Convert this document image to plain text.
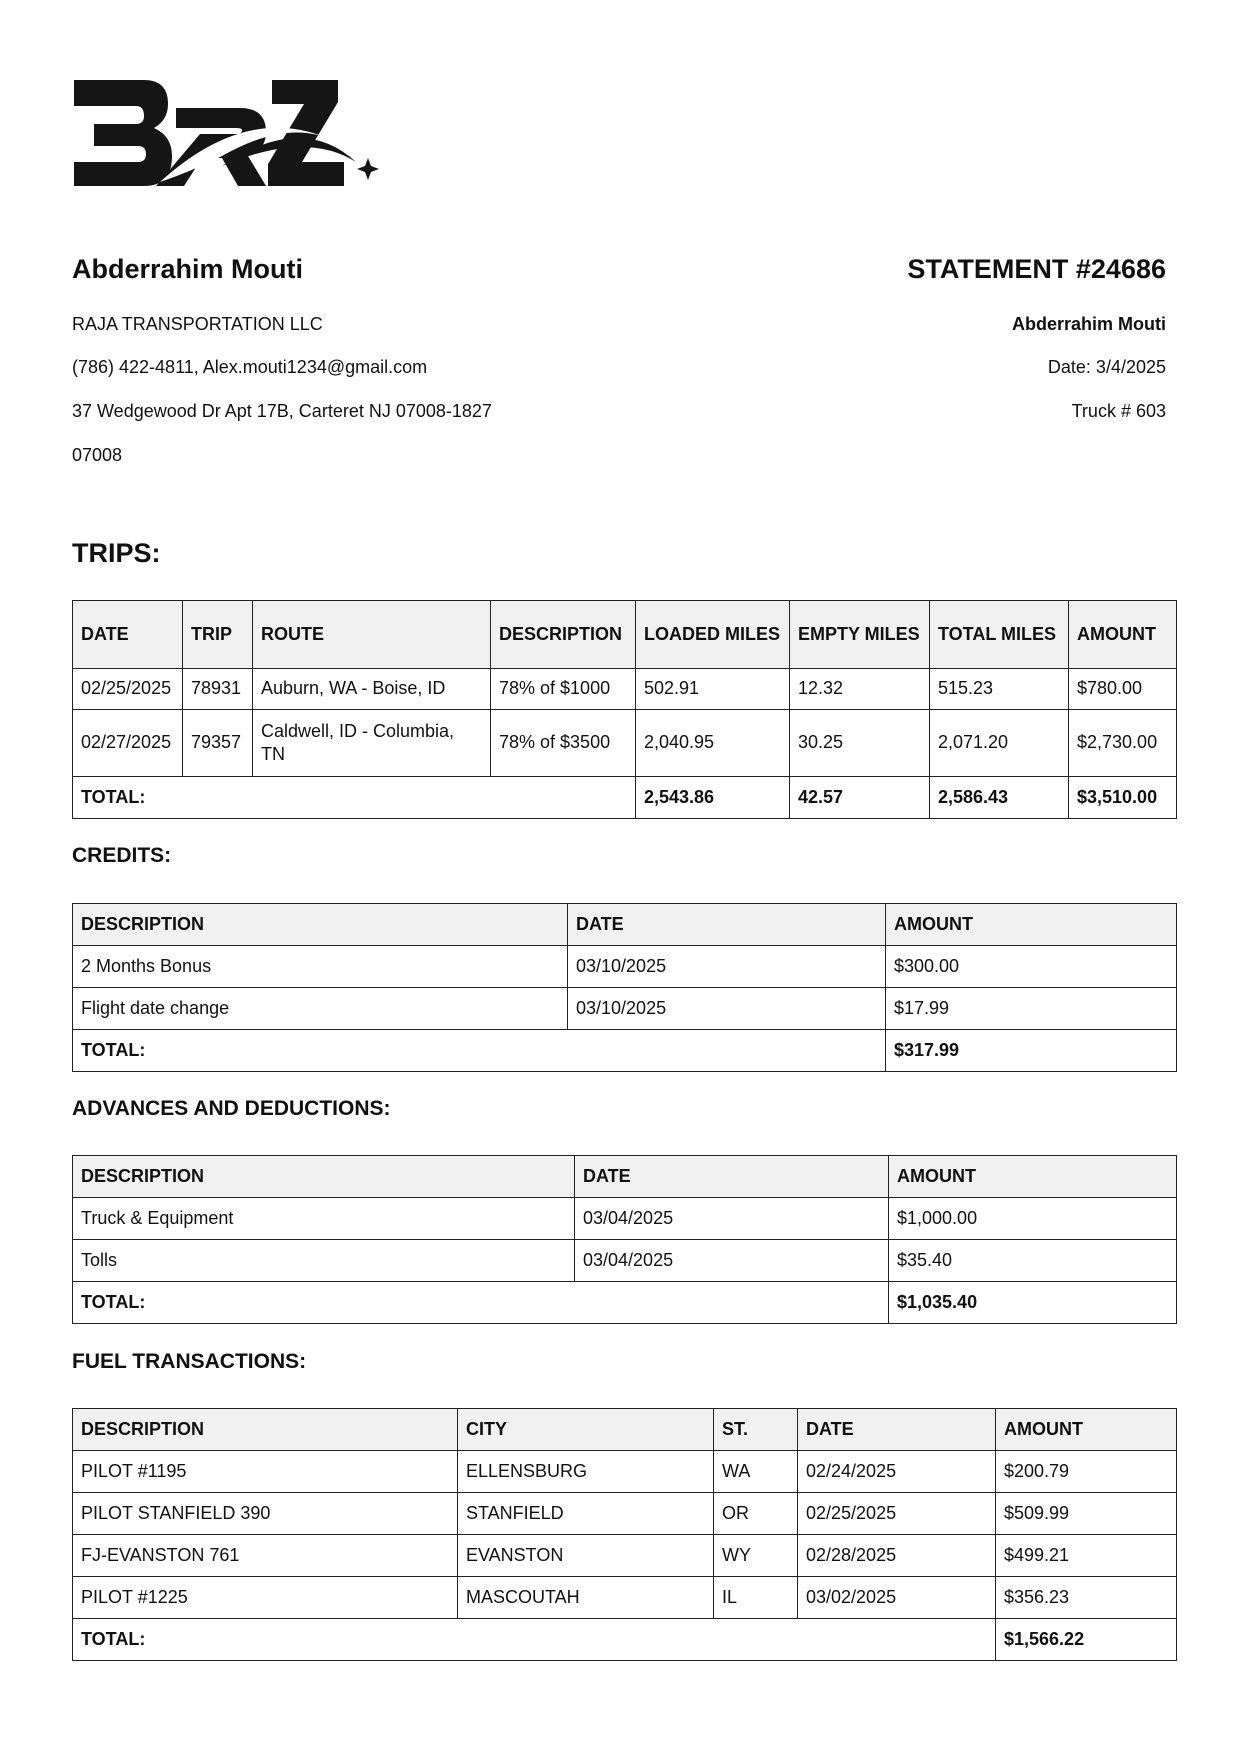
Abderrahim Mouti	STATEMENT #24686
RAJA TRANSPORTATION LLC
(786) 422-4811, Alex.mouti1234@gmail.com
37 Wedgewood Dr Apt 17B, Carteret NJ 07008-1827
07008
Abderrahim Mouti
Date: 3/4/2025
Truck # 603
TRIPS:
DATE	TRIP	ROUTE	DESCRIPTION	LOADED MILES	EMPTY MILES	TOTAL MILES	AMOUNT
02/25/2025	78931	Auburn, WA - Boise, ID	78% of $1000	502.91	12.32	515.23	$780.00
02/27/2025	79357	Caldwell, ID - Columbia, TN	78% of $3500	2,040.95	30.25	2,071.20	$2,730.00
TOTAL:				2,543.86	42.57	2,586.43	$3,510.00
CREDITS:
DESCRIPTION	DATE	AMOUNT
2 Months Bonus	03/10/2025	$300.00
Flight date change	03/10/2025	$17.99
TOTAL:		$317.99
ADVANCES AND DEDUCTIONS:
DESCRIPTION	DATE	AMOUNT
Truck & Equipment	03/04/2025	$1,000.00
Tolls	03/04/2025	$35.40
TOTAL:		$1,035.40
FUEL TRANSACTIONS:
DESCRIPTION	CITY	ST.	DATE	AMOUNT
PILOT #1195	ELLENSBURG	WA	02/24/2025	$200.79
PILOT STANFIELD 390	STANFIELD	OR	02/25/2025	$509.99
FJ-EVANSTON 761	EVANSTON	WY	02/28/2025	$499.21
PILOT #1225	MASCOUTAH	IL	03/02/2025	$356.23
TOTAL:				$1,566.22
